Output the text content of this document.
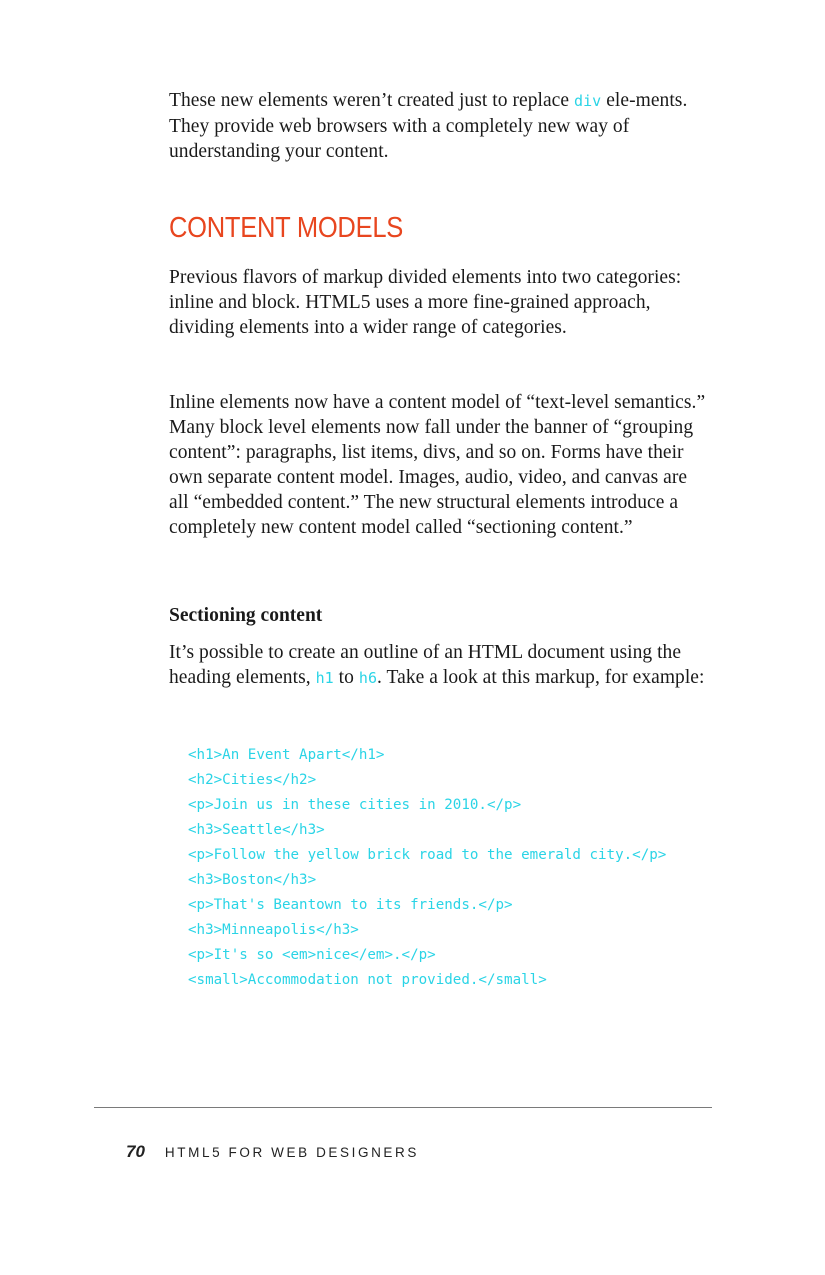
These new elements weren’t created just to replace div ele-ments. They provide web browsers with a completely new way of understanding your content.

CONTENT MODELS

Previous flavors of markup divided elements into two categories: inline and block. HTML5 uses a more fine-grained approach, dividing elements into a wider range of categories.

Inline elements now have a content model of “text-level semantics.” Many block level elements now fall under the banner of “grouping content”: paragraphs, list items, divs, and so on. Forms have their own separate content model. Images, audio, video, and canvas are all “embedded content.” The new structural elements introduce a completely new content model called “sectioning content.”

Sectioning content

It’s possible to create an outline of an HTML document using the heading elements, h1 to h6. Take a look at this markup, for example:

<h1>An Event Apart</h1>
<h2>Cities</h2>
<p>Join us in these cities in 2010.</p>
<h3>Seattle</h3>
<p>Follow the yellow brick road to the emerald city.</p>
<h3>Boston</h3>
<p>That's Beantown to its friends.</p>
<h3>Minneapolis</h3>
<p>It's so <em>nice</em>.</p>
<small>Accommodation not provided.</small>
70 HTML5 FOR WEB DESIGNERS
